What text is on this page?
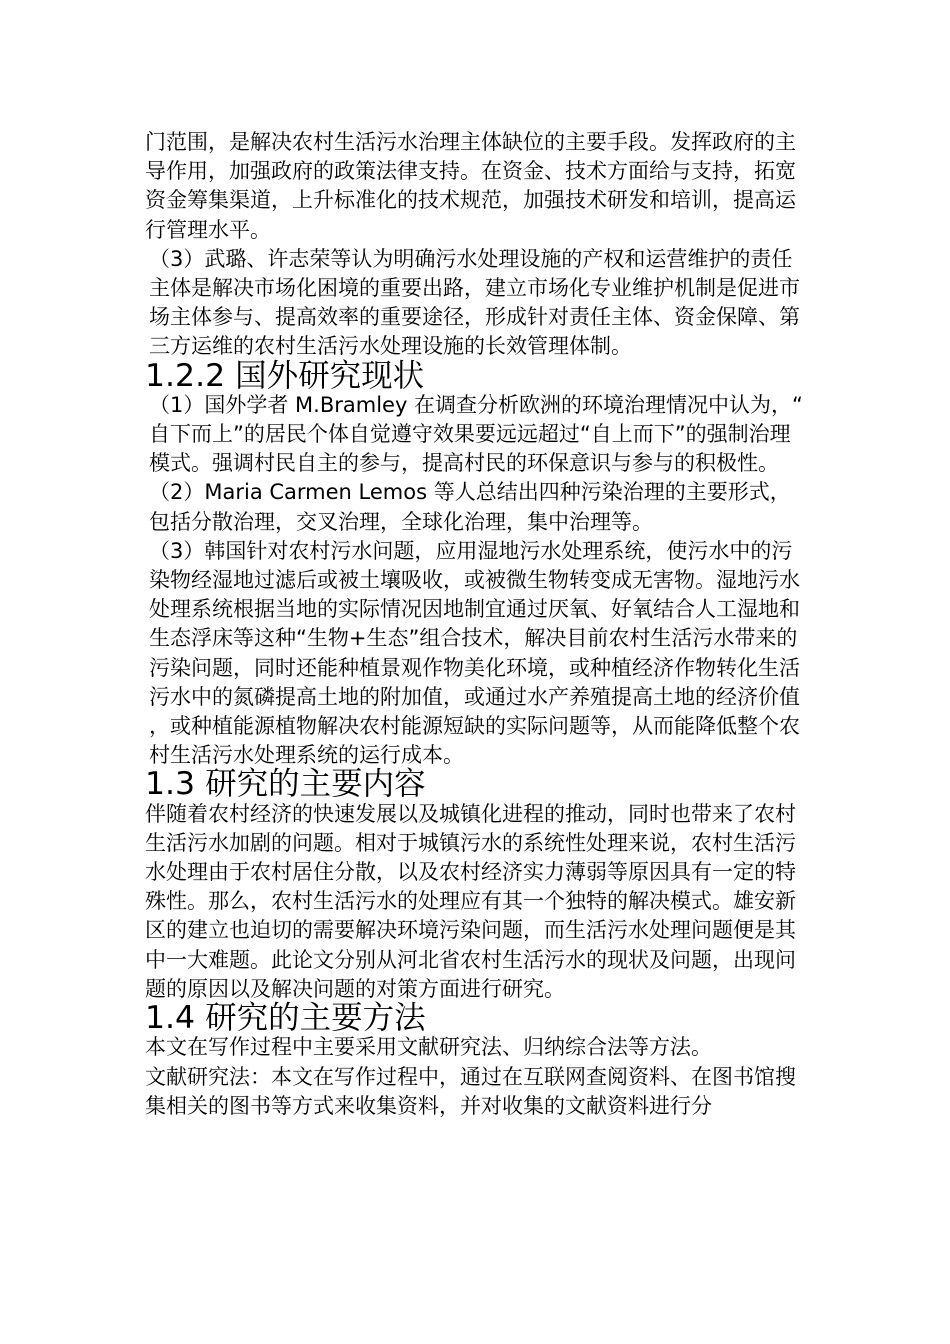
门范围，是解决农村生活污水治理主体缺位的主要手段。发挥政府的主导作用，加强政府的政策法律支持。在资金、技术方面给与支持，拓宽资金筹集渠道，上升标准化的技术规范，加强技术研发和培训，提高运行管理水平。

（3）武璐、许志荣等认为明确污水处理设施的产权和运营维护的责任主体是解决市场化困境的重要出路，建立市场化专业维护机制是促进市场主体参与、提高效率的重要途径，形成针对责任主体、资金保障、第三方运维的农村生活污水处理设施的长效管理体制。

1.2.2 国外研究现状

（1）国外学者 M.Bramley 在调查分析欧洲的环境治理情况中认为，“自下而上”的居民个体自觉遵守效果要远远超过“自上而下”的强制治理模式。强调村民自主的参与，提高村民的环保意识与参与的积极性。

（2）Maria Carmen Lemos 等人总结出四种污染治理的主要形式，包括分散治理，交叉治理，全球化治理，集中治理等。

（3）韩国针对农村污水问题，应用湿地污水处理系统，使污水中的污染物经湿地过滤后或被土壤吸收，或被微生物转变成无害物。湿地污水处理系统根据当地的实际情况因地制宜通过厌氧、好氧结合人工湿地和生态浮床等这种“生物+生态”组合技术，解决目前农村生活污水带来的污染问题，同时还能种植景观作物美化环境，或种植经济作物转化生活污水中的氮磷提高土地的附加值，或通过水产养殖提高土地的经济价值，或种植能源植物解决农村能源短缺的实际问题等，从而能降低整个农村生活污水处理系统的运行成本。

1.3 研究的主要内容

伴随着农村经济的快速发展以及城镇化进程的推动，同时也带来了农村生活污水加剧的问题。相对于城镇污水的系统性处理来说，农村生活污水处理由于农村居住分散，以及农村经济实力薄弱等原因具有一定的特殊性。那么，农村生活污水的处理应有其一个独特的解决模式。雄安新区的建立也迫切的需要解决环境污染问题，而生活污水处理问题便是其中一大难题。此论文分别从河北省农村生活污水的现状及问题，出现问题的原因以及解决问题的对策方面进行研究。

1.4 研究的主要方法

本文在写作过程中主要采用文献研究法、归纳综合法等方法。

文献研究法：本文在写作过程中，通过在互联网查阅资料、在图书馆搜集相关的图书等方式来收集资料，并对收集的文献资料进行分
